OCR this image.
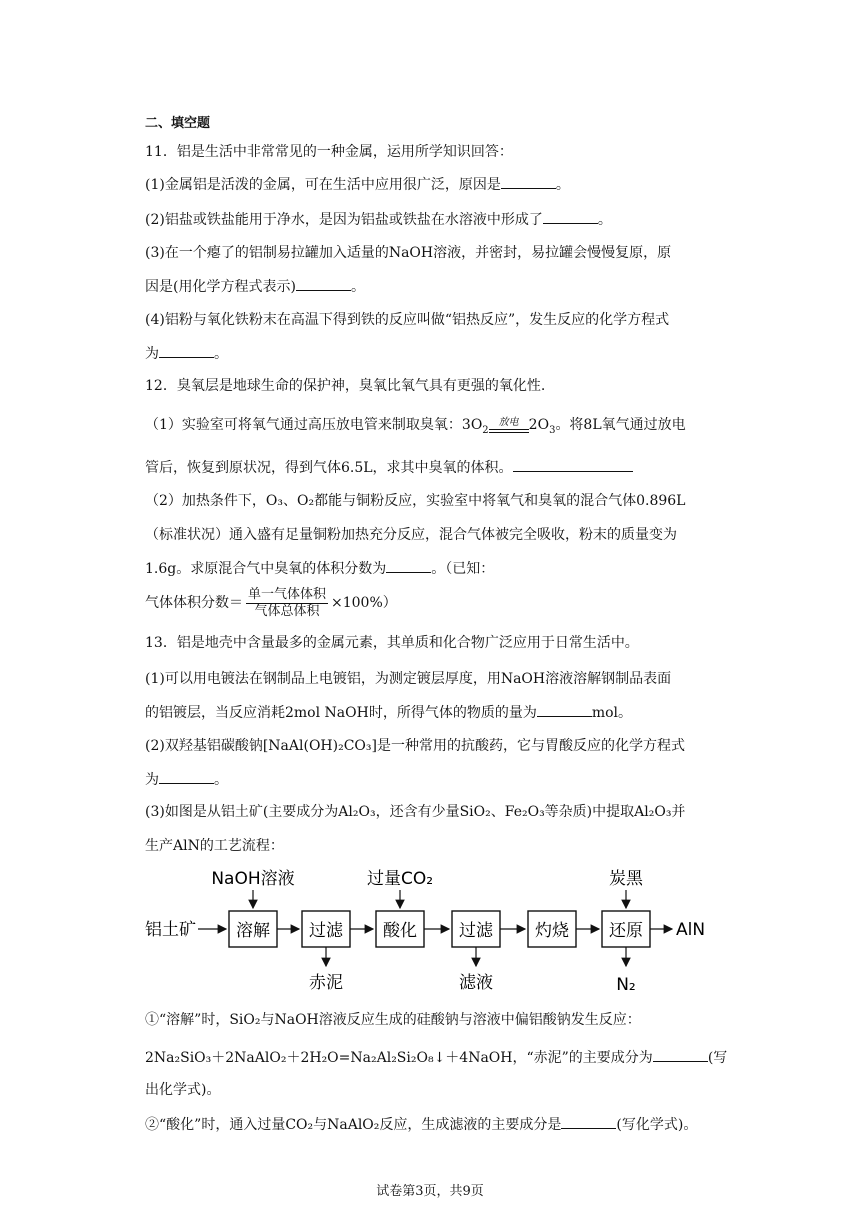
二、填空题
11．铝是生活中非常常见的一种金属，运用所学知识回答：
(1)金属铝是活泼的金属，可在生活中应用很广泛，原因是	。
(2)铝盐或铁盐能用于净水，是因为铝盐或铁盐在水溶液中形成了	。
(3)在一个瘪了的铝制易拉罐加入适量的NaOH溶液，并密封，易拉罐会慢慢复原，原
因是(用化学方程式表示)	。
(4)铝粉与氧化铁粉末在高温下得到铁的反应叫做“铝热反应”，发生反应的化学方程式
为	。
12．臭氧层是地球生命的保护神，臭氧比氧气具有更强的氧化性.
（1）实验室可将氧气通过高压放电管来制取臭氧：$3O_2$
放电 $2O_3$。将8L氧气通过放电
管后，恢复到原状况，得到气体6.5L，求其中臭氧的体积。
（2）加热条件下，O₃、O₂都能与铜粉反应，实验室中将氧气和臭氧的混合气体0.896L
（标准状况）通入盛有足量铜粉加热充分反应，混合气体被完全吸收，粉末的质量变为
1.6g。求原混合气中臭氧的体积分数为	。（已知：
气体体积分数＝ $\frac{\text{单一气体体积}}{\text{气体总体积}} \times 100\%$）
13．铝是地壳中含量最多的金属元素，其单质和化合物广泛应用于日常生活中。
(1)可以用电镀法在钢制品上电镀铝，为测定镀层厚度，用NaOH溶液溶解钢制品表面
的铝镀层，当反应消耗2mol NaOH时，所得气体的物质的量为	mol。
(2)双羟基铝碳酸钠[NaAl(OH)₂CO₃]是一种常用的抗酸药，它与胃酸反应的化学方程式
为	。
(3)如图是从铝土矿(主要成分为Al₂O₃，还含有少量SiO₂、Fe₂O₃等杂质)中提取Al₂O₃并
生产AlN的工艺流程：
铝土矿 溶解 过滤 酸化 过滤 灼烧 还原 AlN
NaOH溶液	过量CO₂	炭黑
赤泥	滤液	N₂
①“溶解”时，SiO₂与NaOH溶液反应生成的硅酸钠与溶液中偏铝酸钠发生反应：
2Na₂SiO₃＋2NaAlO₂＋2H₂O=Na₂Al₂Si₂O₈↓＋4NaOH，“赤泥”的主要成分为	(写
出化学式)。
②“酸化”时，通入过量CO₂与NaAlO₂反应，生成滤液的主要成分是	(写化学式)。
试卷第3页，共9页
